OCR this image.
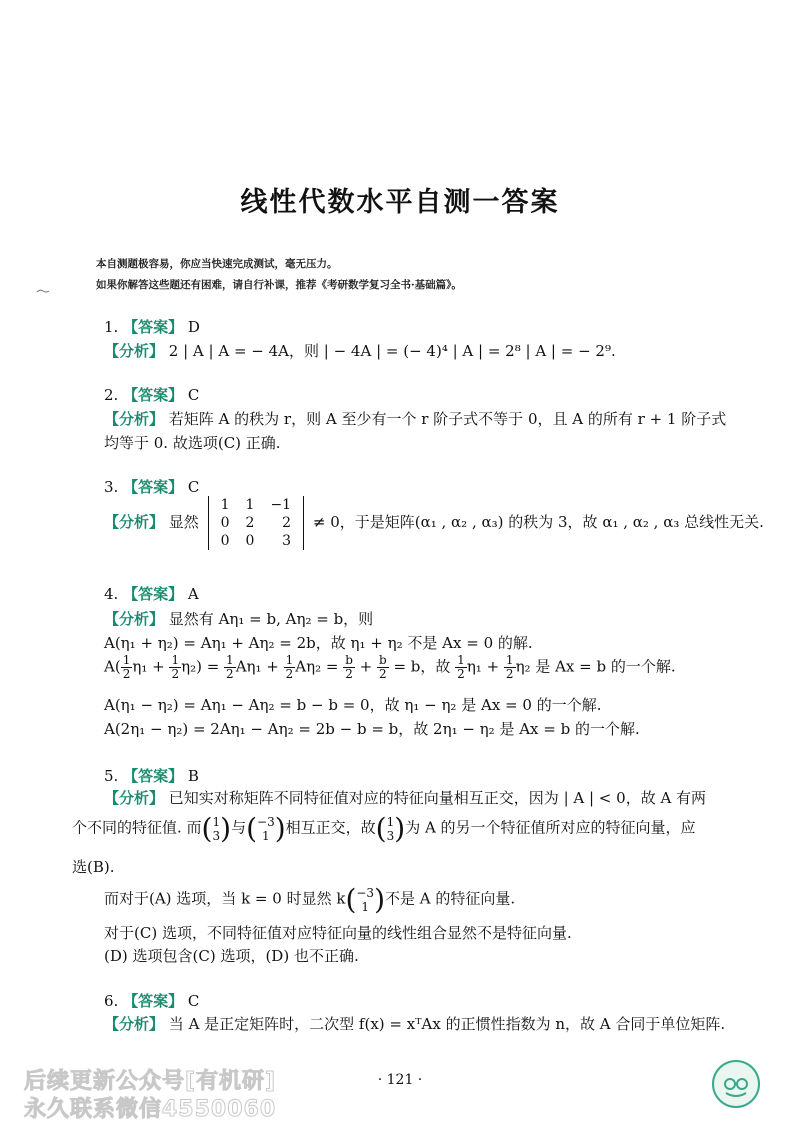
线性代数水平自测一答案
本自测题极容易，你应当快速完成测试，毫无压力。
如果你解答这些题还有困难，请自行补课，推荐《考研数学复习全书·基础篇》。
1. 【答案】 D
【分析】 2 | A | A = − 4A，则 | − 4A | = (− 4)⁴ | A | = 2⁸ | A | = − 2⁹.
2. 【答案】 C
【分析】 若矩阵 A 的秩为 r，则 A 至少有一个 r 阶子式不等于 0，且 A 的所有 r + 1 阶子式
均等于 0. 故选项(C) 正确.
3. 【答案】 C
【分析】 显然
1	1	−1
0	2	2
0	0	3
≠ 0，于是矩阵(α₁ , α₂ , α₃) 的秩为 3，故 α₁ , α₂ , α₃ 总线性无关.
4. 【答案】 A
【分析】 显然有 Aη₁ = b, Aη₂ = b，则
A(η₁ + η₂) = Aη₁ + Aη₂ = 2b，故 η₁ + η₂ 不是 Ax = 0 的解.
$A( \frac{1}{2} \eta_1 + \frac{1}{2} \eta_2) = \frac{1}{2} A\eta_1 + \frac{1}{2} A\eta_2 = \frac{b}{2} + \frac{b}{2} = b$，故 $\frac{1}{2} \eta_1 + \frac{1}{2} \eta_2$ 是 Ax = b 的一个解.
A(η₁ − η₂) = Aη₁ − Aη₂ = b − b = 0，故 η₁ − η₂ 是 Ax = 0 的一个解.
A(2η₁ − η₂) = 2Aη₁ − Aη₂ = 2b − b = b，故 2η₁ − η₂ 是 Ax = b 的一个解.
5. 【答案】 B
【分析】 已知实对称矩阵不同特征值对应的特征向量相互正交，因为 | A | < 0，故 A 有两
个不同的特征值. 而( 1
3 )与( −3
1 )相互正交，故( 1
3 )为 A 的另一个特征值所对应的特征向量，应
选(B).
而对于(A) 选项，当 k = 0 时显然 k( −3
1 )不是 A 的特征向量.
对于(C) 选项，不同特征值对应特征向量的线性组合显然不是特征向量.
(D) 选项包含(C) 选项，(D) 也不正确.
6. 【答案】 C
【分析】 当 A 是正定矩阵时，二次型 f(x) = xᵀAx 的正惯性指数为 n，故 A 合同于单位矩阵.
· 121 ·
后续更新公众号[有机研]
永久联系微信4550060
